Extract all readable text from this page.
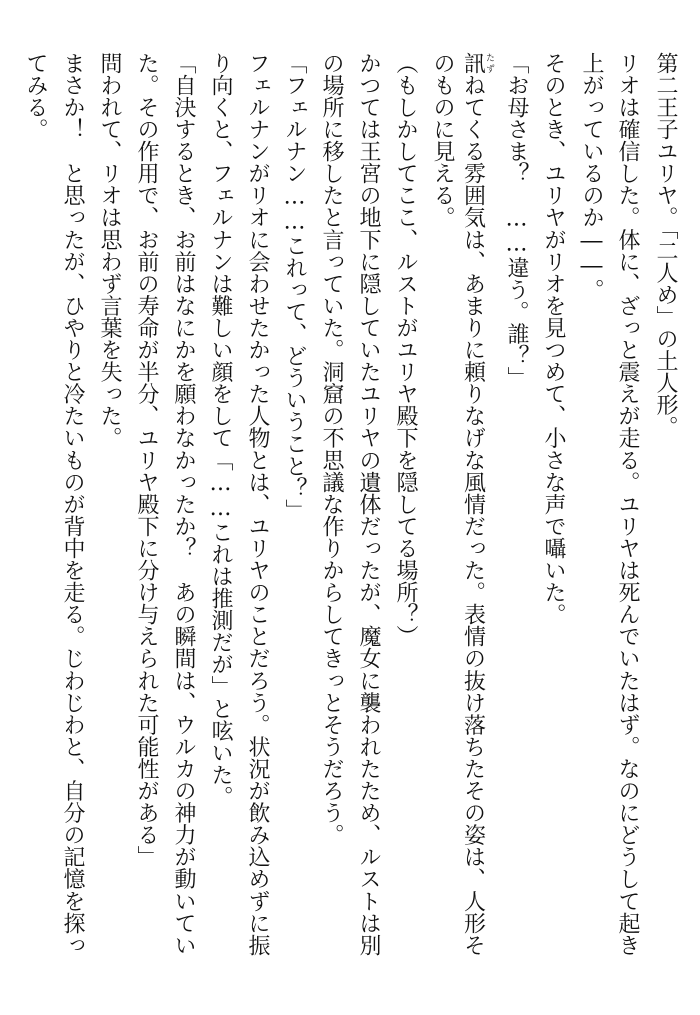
第二王子ユリヤ。「二人め」の土人形。
リオは確信した。体に、ざっと震えが走る。ユリヤは死んでいたはず。なのにどうして起き
上がっているのか――。
そのとき、ユリヤがリオを見つめて、小さな声で囁いた。
「お母さま？　……違う。誰？」
訊たずねてくる雰囲気は、あまりに頼りなげな風情だった。表情の抜け落ちたその姿は、人形そ
のものに見える。
（もしかしてここ、ルストがユリヤ殿下を隠してる場所？）
かつては王宮の地下に隠していたユリヤの遺体だったが、魔女に襲われたため、ルストは別
の場所に移したと言っていた。洞窟の不思議な作りからしてきっとそうだろう。
「フェルナン……これって、どういうこと？」
フェルナンがリオに会わせたかった人物とは、ユリヤのことだろう。状況が飲み込めずに振
り向くと、フェルナンは難しい顔をして「……これは推測だが」と呟いた。
「自決するとき、お前はなにかを願わなかったか？　あの瞬間は、ウルカの神力が動いてい
た。その作用で、お前の寿命が半分、ユリヤ殿下に分け与えられた可能性がある」
問われて、リオは思わず言葉を失った。
まさか！　と思ったが、ひやりと冷たいものが背中を走る。じわじわと、自分の記憶を探っ
てみる。
